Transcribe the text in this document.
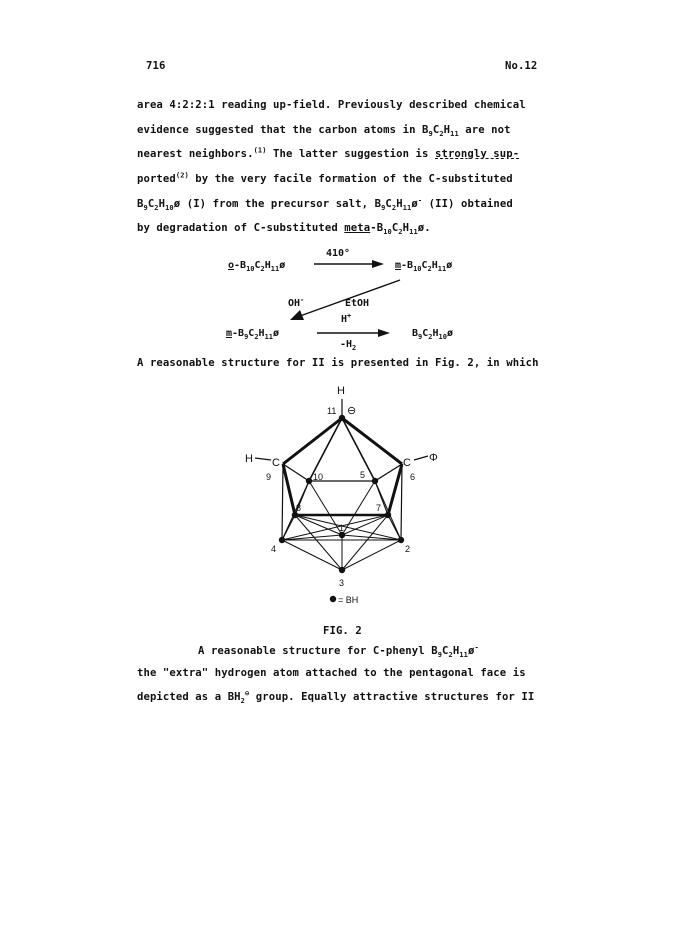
716	No.12
area 4:2:2:1 reading up-field. Previously described chemical
evidence suggested that the carbon atoms in $B_9C_2H_{11}$ are not
nearest neighbors.$^{(1)}$ The latter suggestion is strongly sup-
ported$^{(2)}$ by the very facile formation of the C-substituted
$B_9C_2H_{10}ø$ (I) from the precursor salt, $B_9C_2H_{11}ø^-$ (II) obtained
by degradation of C-substituted meta-$B_{10}C_2H_{11}ø$.
$o-B_{10}C_2H_{11}ø$
410°
$m-B_{10}C_2H_{11}ø$
OH-	EtOH
$m-B_9C_2H_{11}ø$
H+
$-H_2$
$B_9C_2H_{10}ø$
A reasonable structure for II is presented in Fig. 2, in which
H
11 ⊖
H C
9
C
6
Φ
10	5
8	7
1
4	2
3
= BH
FIG. 2
A reasonable structure for C-phenyl $B_9C_2H_{11}ø^-$
the "extra" hydrogen atom attached to the pentagonal face is
depicted as a $BH_2^⊖$ group. Equally attractive structures for II
